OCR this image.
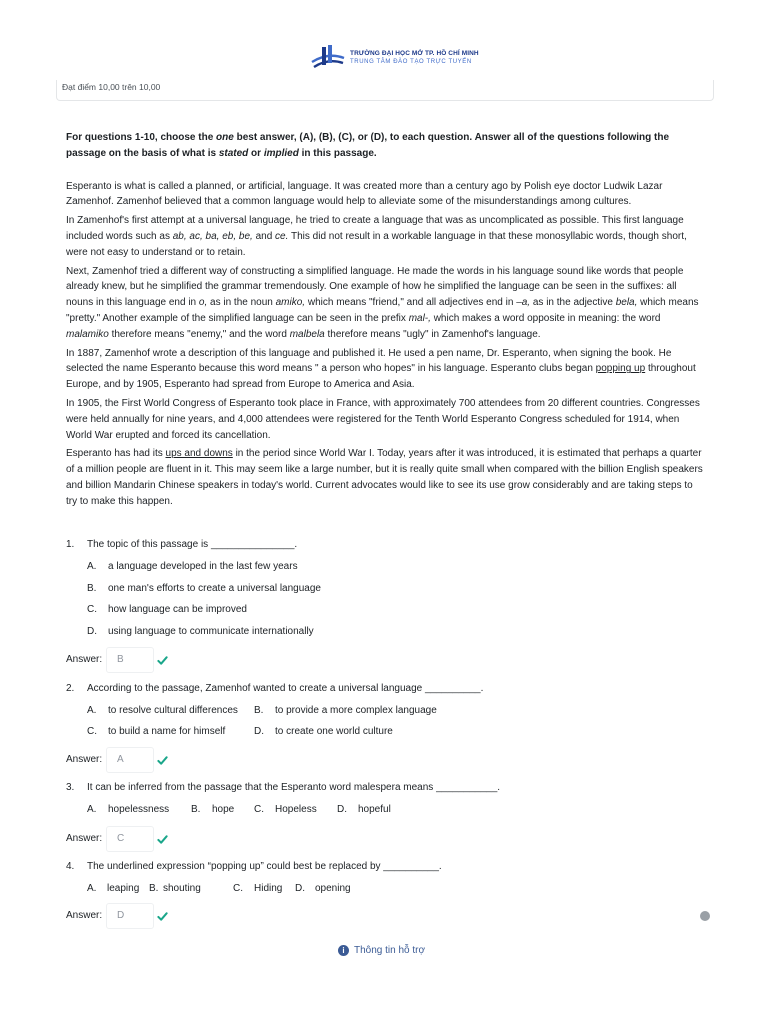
TRƯỜNG ĐẠI HỌC MỞ TP. HỒ CHÍ MINH
TRUNG TÂM ĐÀO TẠO TRỰC TUYẾN
Đạt điểm 10,00 trên 10,00

For questions 1-10, choose the one best answer, (A), (B), (C), or (D), to each question. Answer all of the questions following the passage on the basis of what is stated or implied in this passage.

Esperanto is what is called a planned, or artificial, language. It was created more than a century ago by Polish eye doctor Ludwik Lazar Zamenhof. Zamenhof believed that a common language would help to alleviate some of the misunderstandings among cultures.

In Zamenhof's first attempt at a universal language, he tried to create a language that was as uncomplicated as possible. This first language included words such as ab, ac, ba, eb, be, and ce. This did not result in a workable language in that these monosyllabic words, though short, were not easy to understand or to retain.

Next, Zamenhof tried a different way of constructing a simplified language. He made the words in his language sound like words that people already knew, but he simplified the grammar tremendously. One example of how he simplified the language can be seen in the suffixes: all nouns in this language end in o, as in the noun amiko, which means "friend," and all adjectives end in –a, as in the adjective bela, which means "pretty." Another example of the simplified language can be seen in the prefix mal-, which makes a word opposite in meaning: the word malamiko therefore means "enemy," and the word malbela therefore means "ugly" in Zamenhof's language.

In 1887, Zamenhof wrote a description of this language and published it. He used a pen name, Dr. Esperanto, when signing the book. He selected the name Esperanto because this word means " a person who hopes" in his language. Esperanto clubs began popping up throughout Europe, and by 1905, Esperanto had spread from Europe to America and Asia.

In 1905, the First World Congress of Esperanto took place in France, with approximately 700 attendees from 20 different countries. Congresses were held annually for nine years, and 4,000 attendees were registered for the Tenth World Esperanto Congress scheduled for 1914, when World War erupted and forced its cancellation.

Esperanto has had its ups and downs in the period since World War I. Today, years after it was introduced, it is estimated that perhaps a quarter of a million people are fluent in it. This may seem like a large number, but it is really quite small when compared with the billion English speakers and billion Mandarin Chinese speakers in today's world. Current advocates would like to see its use grow considerably and are taking steps to try to make this happen.

1. The topic of this passage is _______________.
A. a language developed in the last few years
B. one man's efforts to create a universal language
C. how language can be improved
D. using language to communicate internationally
Answer: B
2. According to the passage, Zamenhof wanted to create a universal language __________.
A. to resolve cultural differences B. to provide a more complex language
C. to build a name for himself	D. to create one world culture
Answer: A
3. It can be inferred from the passage that the Esperanto word malespera means ___________.
A. hopelessness B. hope C. Hopeless D. hopeful
Answer: C
4. The underlined expression “popping up” could best be replaced by __________.
A. leaping B. shouting	C. Hiding D. opening
Answer: D
i Thông tin hỗ trợ
